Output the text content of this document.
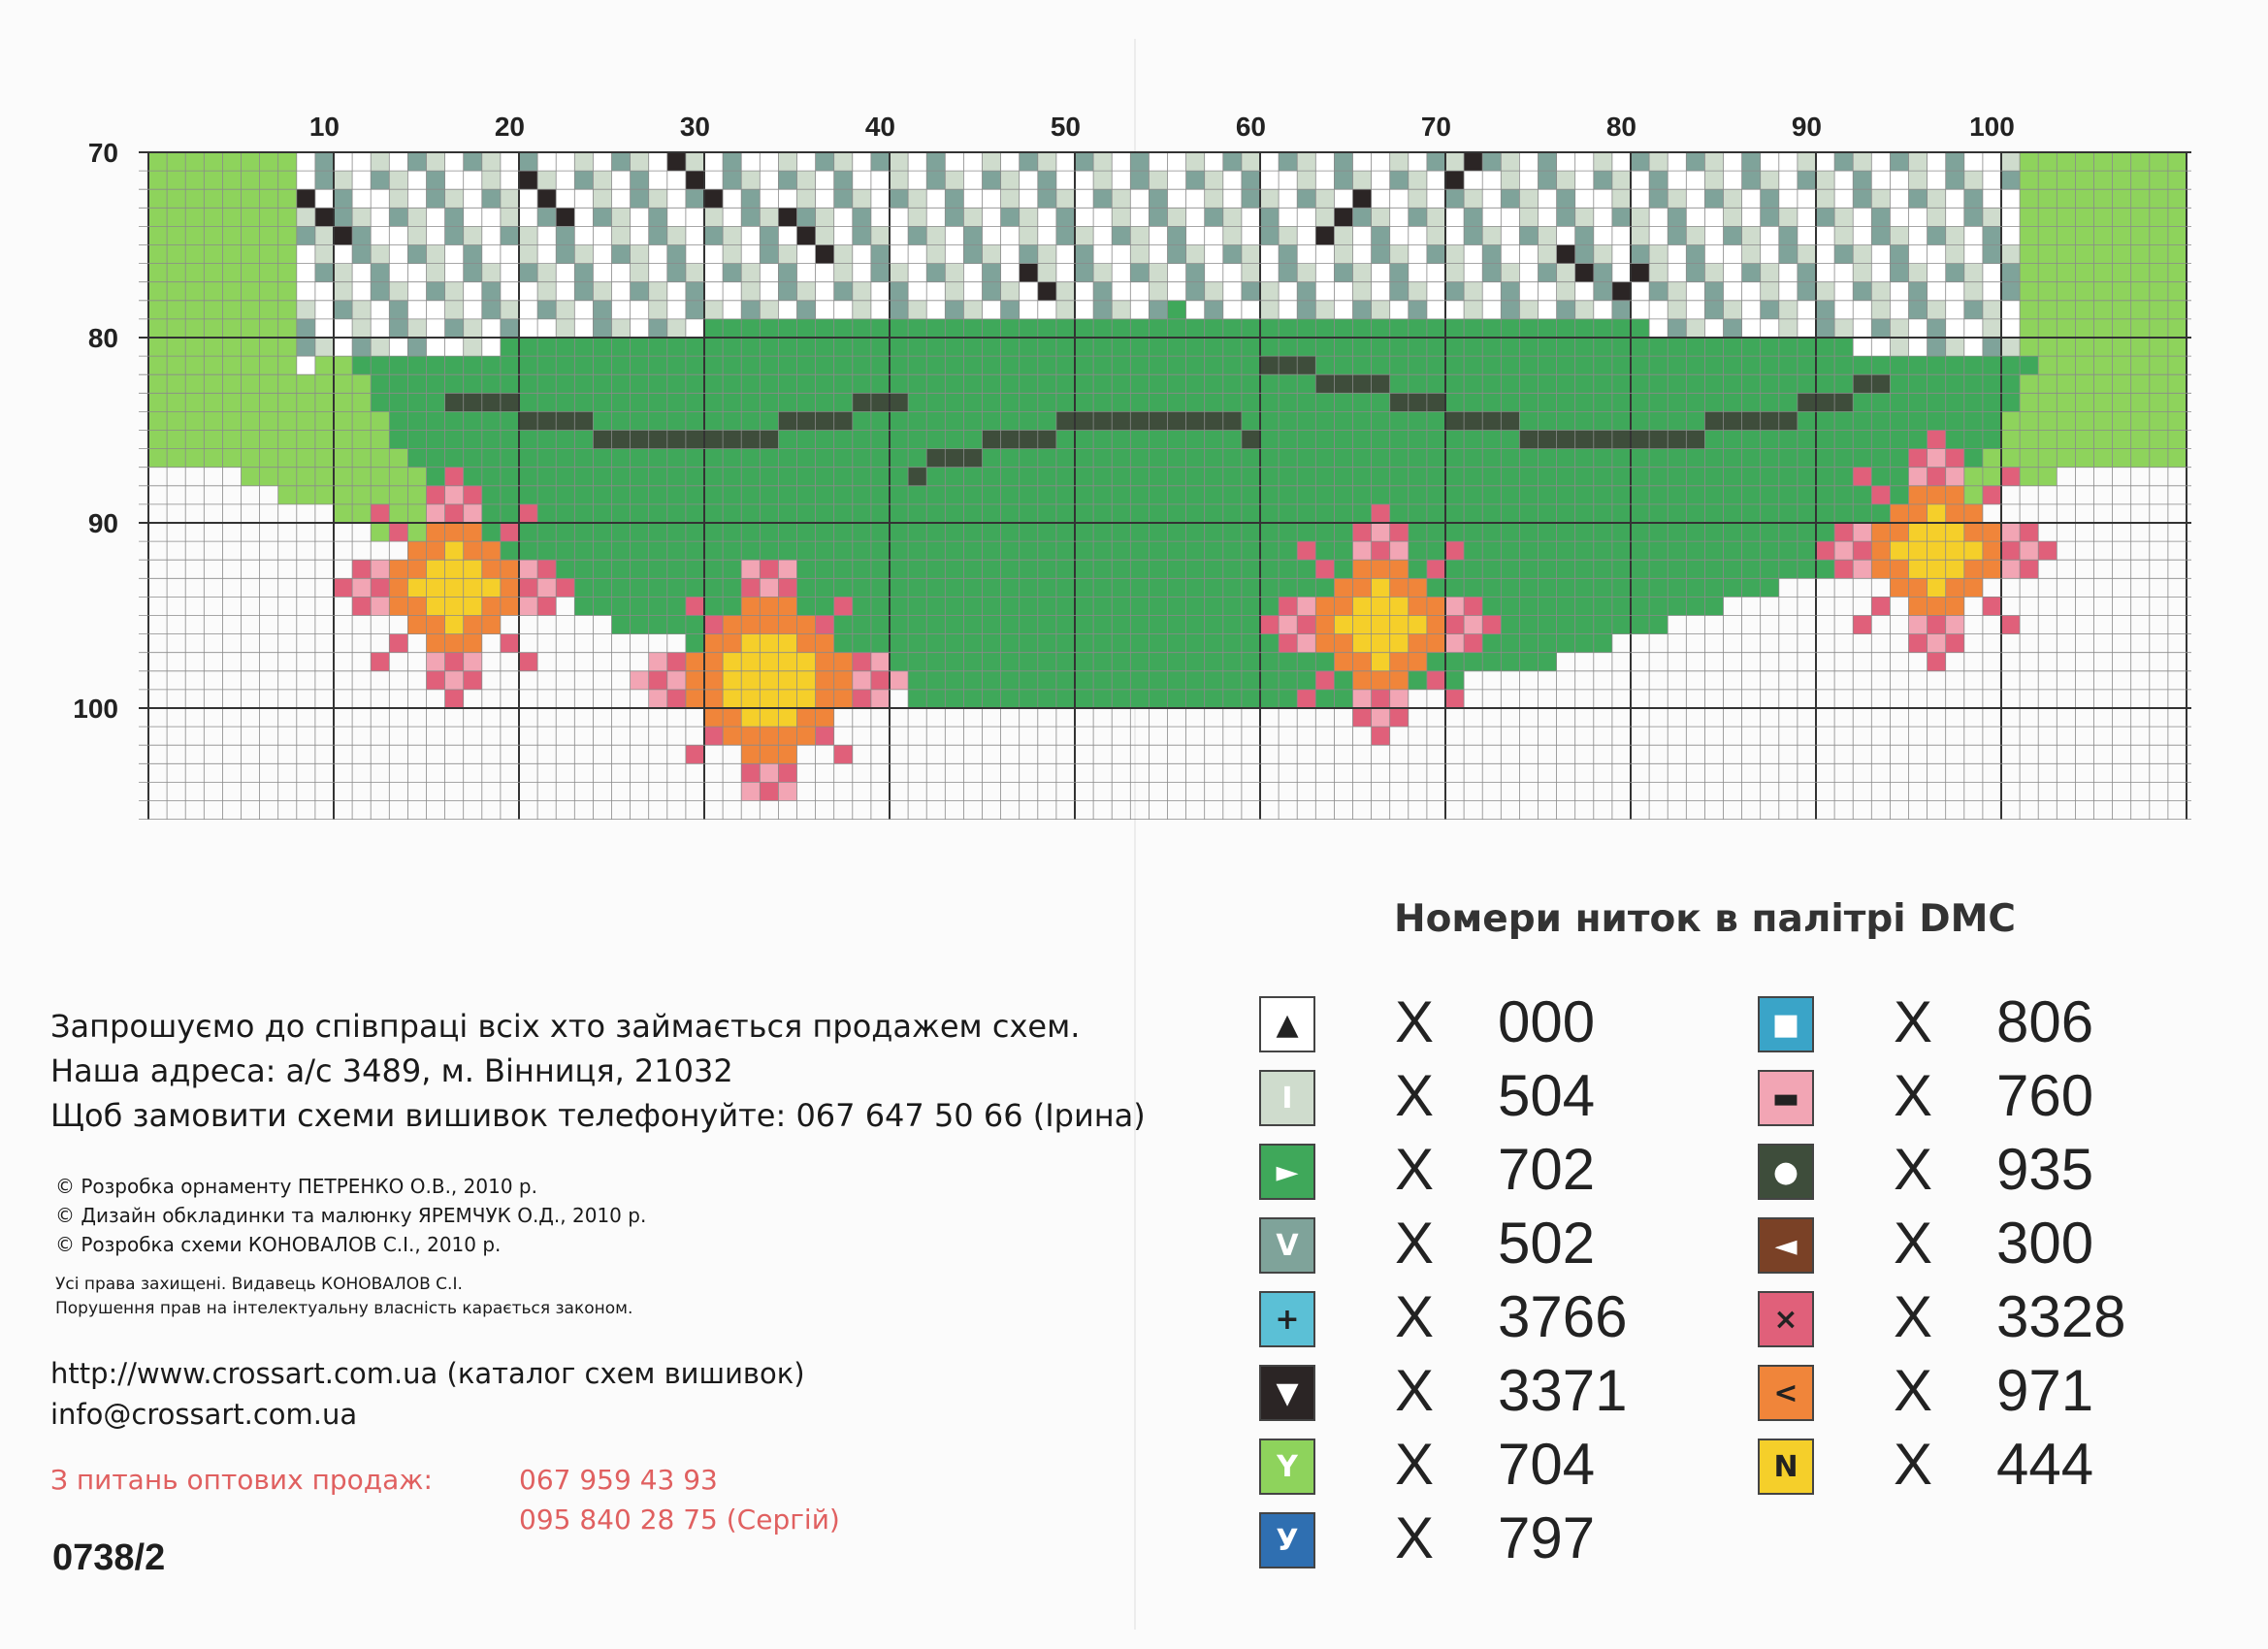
10	20	30	40	50	60	70	80	90	100
70
80
90
100
Запрошуємо до співпраці всіх хто займається продажем схем.
Наша адреса: а/с 3489, м. Вінниця, 21032
Щоб замовити схеми вишивок телефонуйте: 067 647 50 66 (Ірина)
© Розробка орнаменту ПЕТРЕНКО О.В., 2010 р.
© Дизайн обкладинки та малюнку ЯРЕМЧУК О.Д., 2010 р.
© Розробка схеми КОНОВАЛОВ С.І., 2010 р.
Усі права захищені. Видавець КОНОВАЛОВ С.І.
Порушення прав на інтелектуальну власність карається законом.
http://www.crossart.com.ua (каталог схем вишивок)
info@crossart.com.ua
З питань оптових продаж:	067 959 43 93
095 840 28 75 (Сергій)
0738/2
Номери ниток в палітрі DMC
▲ X 000
I X 504
► X 702
V X 502
+ X 3766
▼ X 3371
Y X 704
У X 797
■ X 806
▬ X 760
● X 935
◄ X 300
× X 3328
< X 971
N X 444
